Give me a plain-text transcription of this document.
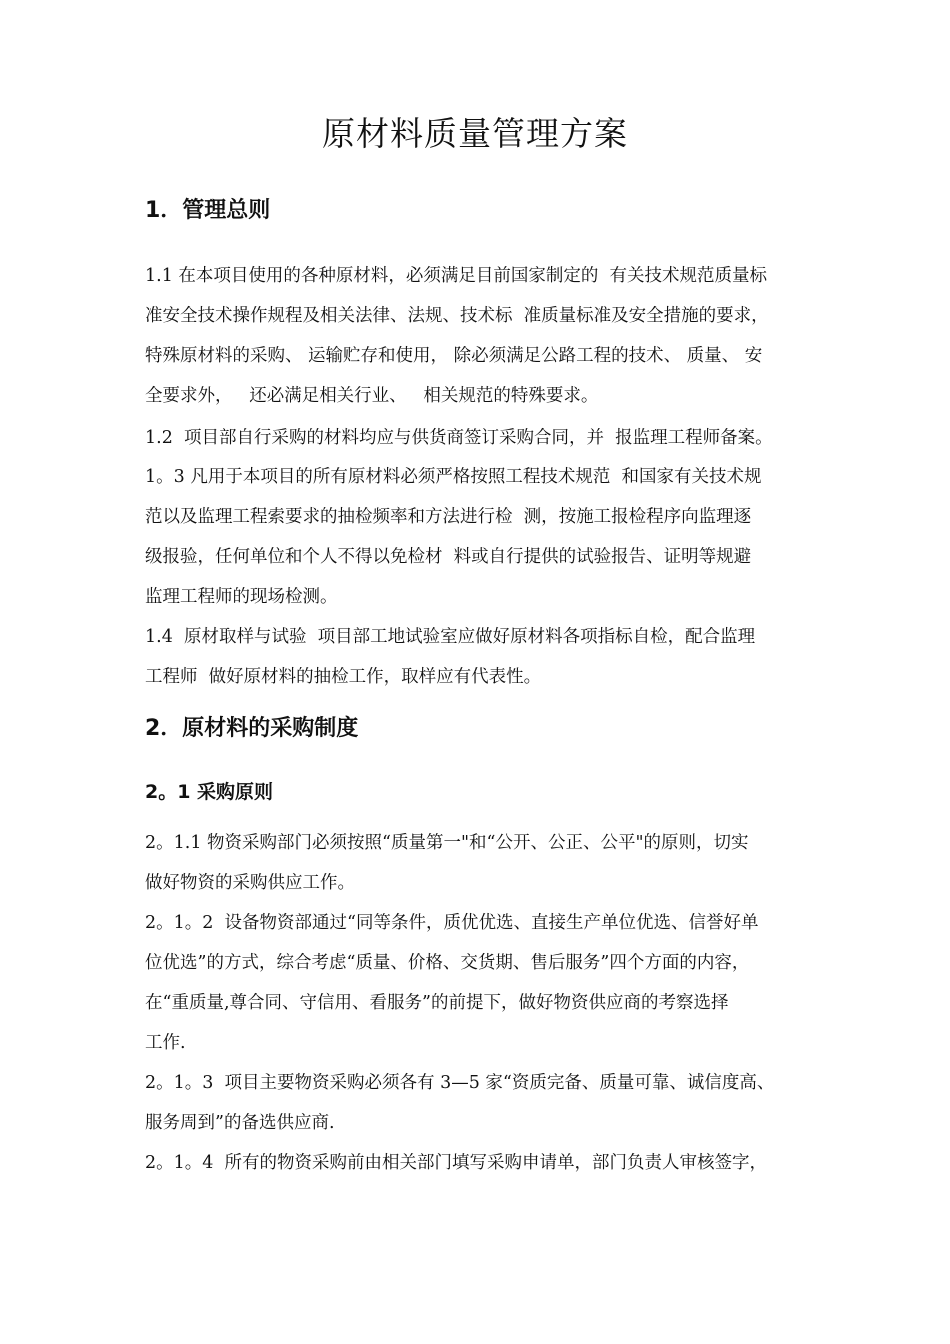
原材料质量管理方案
1．管理总则

1.1 在本项目使用的各种原材料，必须满足目前国家制定的  有关技术规范质量标

准安全技术操作规程及相关法律、法规、技术标  准质量标准及安全措施的要求，

特殊原材料的采购、 运输贮存和使用， 除必须满足公路工程的技术、 质量、 安

全要求外，   还必满足相关行业、   相关规范的特殊要求。

1.2  项目部自行采购的材料均应与供货商签订采购合同，并  报监理工程师备案。

1。3 凡用于本项目的所有原材料必须严格按照工程技术规范  和国家有关技术规

范以及监理工程索要求的抽检频率和方法进行检  测，按施工报检程序向监理逐

级报验，任何单位和个人不得以免检材  料或自行提供的试验报告、证明等规避

监理工程师的现场检测。

1.4  原材取样与试验  项目部工地试验室应做好原材料各项指标自检，配合监理

工程师  做好原材料的抽检工作，取样应有代表性。

2．原材料的采购制度
2。1 采购原则

2。1.1 物资采购部门必须按照“质量第一"和“公开、公正、公平"的原则，切实

做好物资的采购供应工作。

2。1。2  设备物资部通过“同等条件，质优优选、直接生产单位优选、信誉好单

位优选”的方式，综合考虑“质量、价格、交货期、售后服务”四个方面的内容，

在“重质量,尊合同、守信用、看服务”的前提下，做好物资供应商的考察选择

工作.

2。1。3  项目主要物资采购必须各有 3—5 家“资质完备、质量可靠、诚信度高、

服务周到”的备选供应商.

2。1。4  所有的物资采购前由相关部门填写采购申请单，部门负责人审核签字，
